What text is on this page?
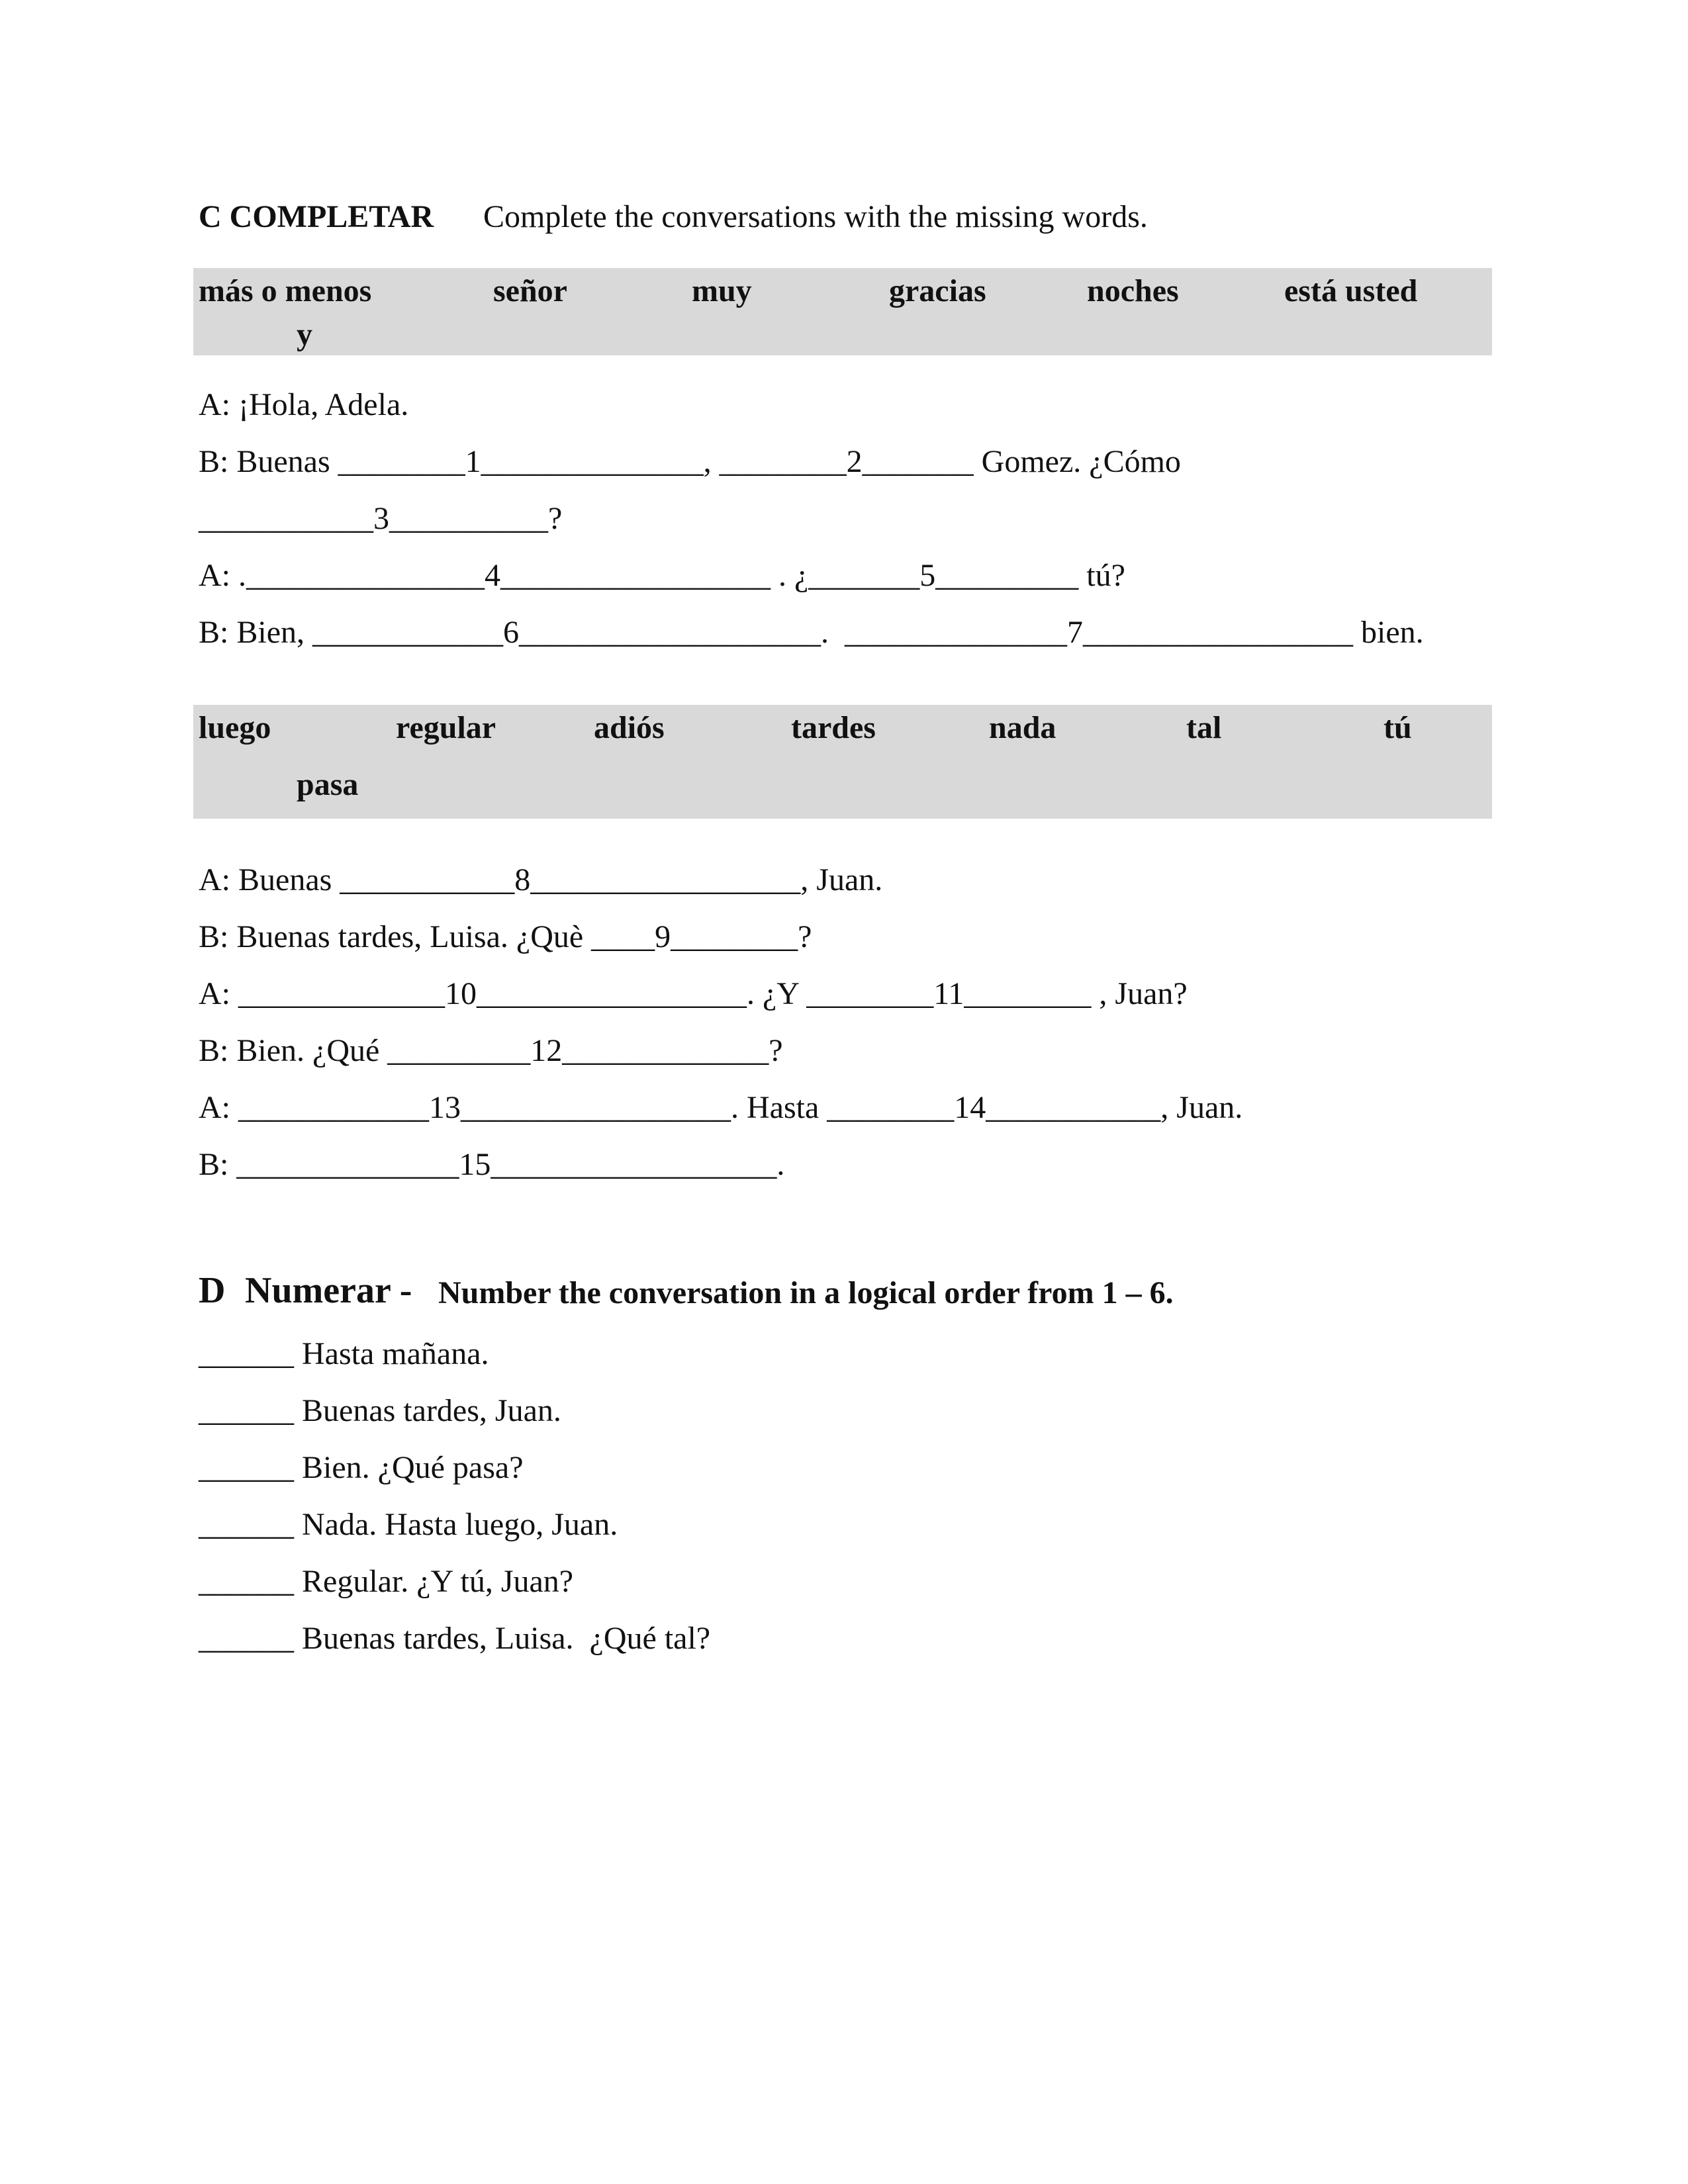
C COMPLETAR Complete the conversations with the missing words.
más o menos	señor	muy	gracias	noches	está usted
y
A: ¡Hola, Adela.
B: Buenas ________1______________, ________2_______ Gomez. ¿Cómo
___________3__________?
A: ._______________4_________________ . ¿_______5_________ tú?
B: Bien, ____________6___________________.  ______________7_________________ bien.
luego	regular	adiós	tardes	nada	tal	tú
pasa
A: Buenas ___________8_________________, Juan.
B: Buenas tardes, Luisa. ¿Què ____9________?
A: _____________10_________________. ¿Y ________11________ , Juan?
B: Bien. ¿Qué _________12_____________?
A: ____________13_________________. Hasta ________14___________, Juan.
B: ______________15__________________.
D Numerar - Number the conversation in a logical order from 1 – 6.
______ Hasta mañana.
______ Buenas tardes, Juan.
______ Bien. ¿Qué pasa?
______ Nada. Hasta luego, Juan.
______ Regular. ¿Y tú, Juan?
______ Buenas tardes, Luisa.  ¿Qué tal?
